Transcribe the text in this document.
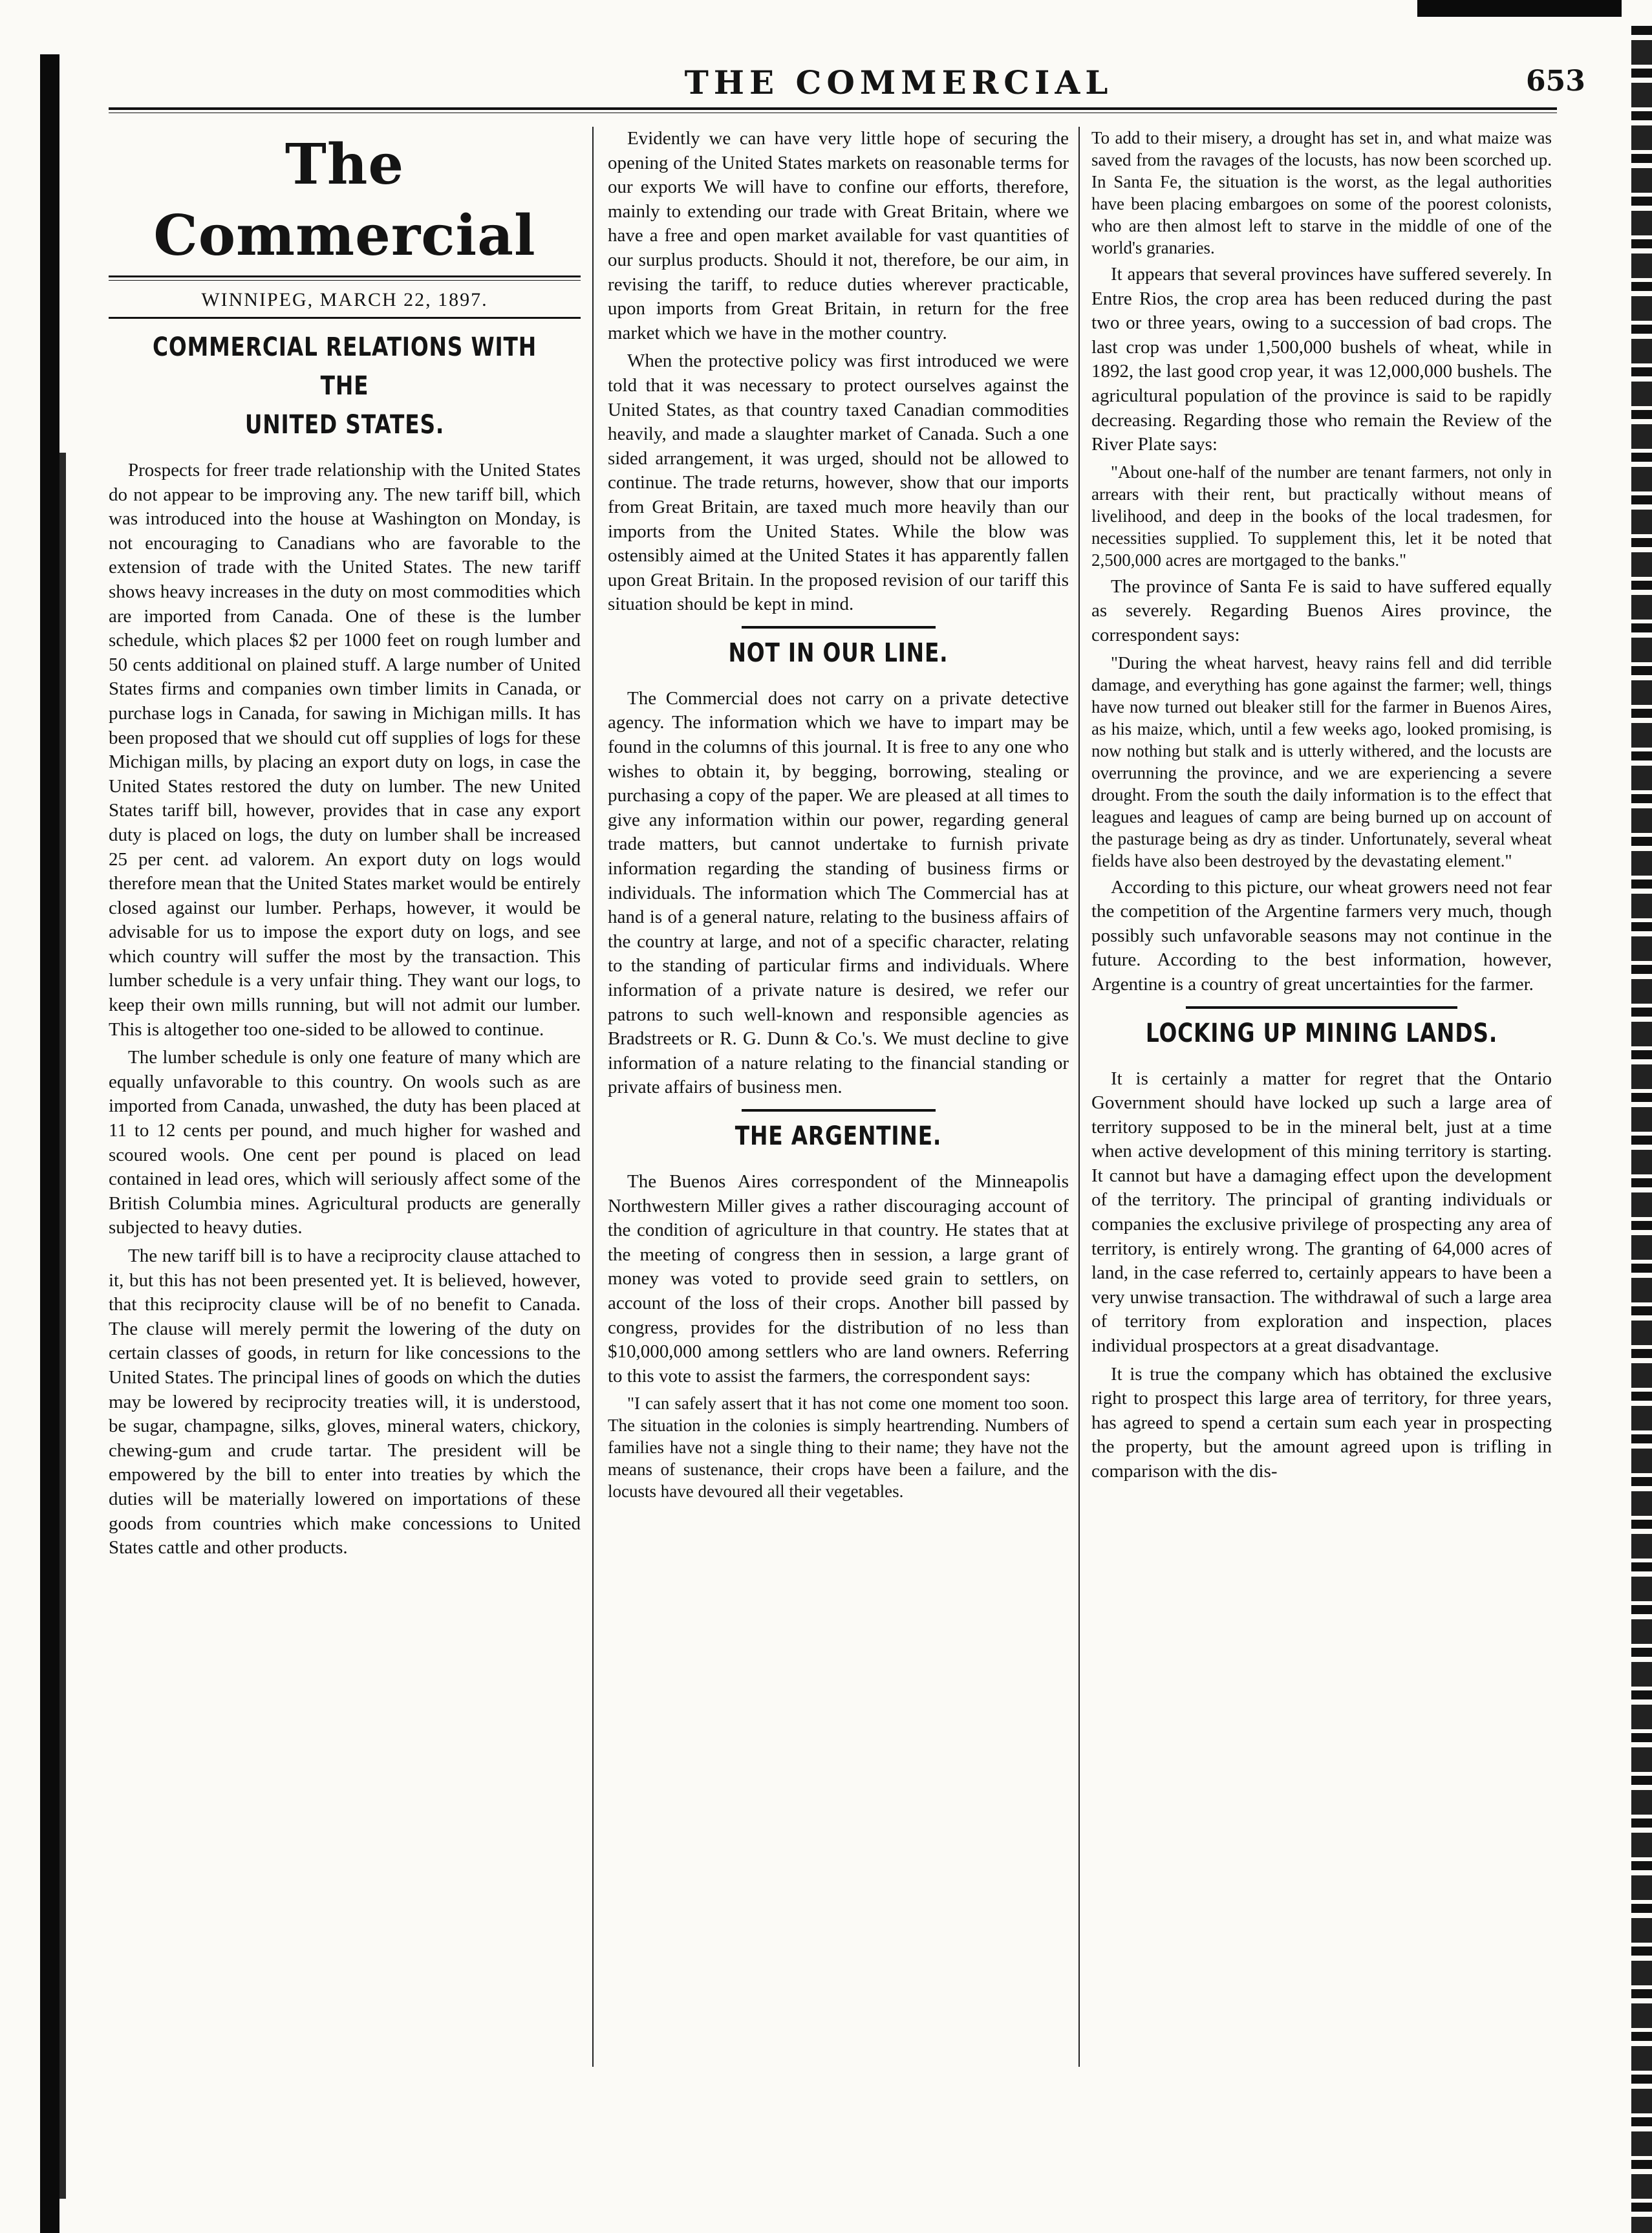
THE COMMERCIAL	653
The Commercial
WINNIPEG, MARCH 22, 1897.
COMMERCIAL RELATIONS WITH THE
UNITED STATES.

Prospects for freer trade relationship with the United States do not appear to be improving any. The new tariff bill, which was introduced into the house at Washington on Monday, is not encouraging to Canadians who are favorable to the extension of trade with the United States. The new tariff shows heavy increases in the duty on most commodities which are imported from Canada. One of these is the lumber schedule, which places $2 per 1000 feet on rough lumber and 50 cents additional on plained stuff. A large number of United States firms and companies own timber limits in Canada, or purchase logs in Canada, for sawing in Michigan mills. It has been proposed that we should cut off supplies of logs for these Michigan mills, by placing an export duty on logs, in case the United States restored the duty on lumber. The new United States tariff bill, however, provides that in case any export duty is placed on logs, the duty on lumber shall be increased 25 per cent. ad valorem. An export duty on logs would therefore mean that the United States market would be entirely closed against our lumber. Perhaps, however, it would be advisable for us to impose the export duty on logs, and see which country will suffer the most by the transaction. This lumber schedule is a very unfair thing. They want our logs, to keep their own mills running, but will not admit our lumber. This is altogether too one-sided to be allowed to continue.

The lumber schedule is only one feature of many which are equally unfavorable to this country. On wools such as are imported from Canada, unwashed, the duty has been placed at 11 to 12 cents per pound, and much higher for washed and scoured wools. One cent per pound is placed on lead contained in lead ores, which will seriously affect some of the British Columbia mines. Agricultural products are generally subjected to heavy duties.

The new tariff bill is to have a reciprocity clause attached to it, but this has not been presented yet. It is believed, however, that this reciprocity clause will be of no benefit to Canada. The clause will merely permit the lowering of the duty on certain classes of goods, in return for like concessions to the United States. The principal lines of goods on which the duties may be lowered by reciprocity treaties will, it is understood, be sugar, champagne, silks, gloves, mineral waters, chickory, chewing-gum and crude tartar. The president will be empowered by the bill to enter into treaties by which the duties will be materially lowered on importations of these goods from countries which make concessions to United States cattle and other products.

Evidently we can have very little hope of securing the opening of the United States markets on reasonable terms for our exports We will have to confine our efforts, therefore, mainly to extending our trade with Great Britain, where we have a free and open market available for vast quantities of our surplus products. Should it not, therefore, be our aim, in revising the tariff, to reduce duties wherever practicable, upon imports from Great Britain, in return for the free market which we have in the mother country.

When the protective policy was first introduced we were told that it was necessary to protect ourselves against the United States, as that country taxed Canadian commodities heavily, and made a slaughter market of Canada. Such a one sided arrangement, it was urged, should not be allowed to continue. The trade returns, however, show that our imports from Great Britain, are taxed much more heavily than our imports from the United States. While the blow was ostensibly aimed at the United States it has apparently fallen upon Great Britain. In the proposed revision of our tariff this situation should be kept in mind.

NOT IN OUR LINE.

The Commercial does not carry on a private detective agency. The information which we have to impart may be found in the columns of this journal. It is free to any one who wishes to obtain it, by begging, borrowing, stealing or purchasing a copy of the paper. We are pleased at all times to give any information within our power, regarding general trade matters, but cannot undertake to furnish private information regarding the standing of business firms or individuals. The information which The Commercial has at hand is of a general nature, relating to the business affairs of the country at large, and not of a specific character, relating to the standing of particular firms and individuals. Where information of a private nature is desired, we refer our patrons to such well-known and responsible agencies as Bradstreets or R. G. Dunn & Co.'s. We must decline to give information of a nature relating to the financial standing or private affairs of business men.

THE ARGENTINE.

The Buenos Aires correspondent of the Minneapolis Northwestern Miller gives a rather discouraging account of the condition of agriculture in that country. He states that at the meeting of congress then in session, a large grant of money was voted to provide seed grain to settlers, on account of the loss of their crops. Another bill passed by congress, provides for the distribution of no less than $10,000,000 among settlers who are land owners. Referring to this vote to assist the farmers, the correspondent says:

"I can safely assert that it has not come one moment too soon. The situation in the colonies is simply heartrending. Numbers of families have not a single thing to their name; they have not the means of sustenance, their crops have been a failure, and the locusts have devoured all their vegetables.

To add to their misery, a drought has set in, and what maize was saved from the ravages of the locusts, has now been scorched up. In Santa Fe, the situation is the worst, as the legal authorities have been placing embargoes on some of the poorest colonists, who are then almost left to starve in the middle of one of the world's granaries.

It appears that several provinces have suffered severely. In Entre Rios, the crop area has been reduced during the past two or three years, owing to a succession of bad crops. The last crop was under 1,500,000 bushels of wheat, while in 1892, the last good crop year, it was 12,000,000 bushels. The agricultural population of the province is said to be rapidly decreasing. Regarding those who remain the Review of the River Plate says:

"About one-half of the number are tenant farmers, not only in arrears with their rent, but practically without means of livelihood, and deep in the books of the local tradesmen, for necessities supplied. To supplement this, let it be noted that 2,500,000 acres are mortgaged to the banks."

The province of Santa Fe is said to have suffered equally as severely. Regarding Buenos Aires province, the correspondent says:

"During the wheat harvest, heavy rains fell and did terrible damage, and everything has gone against the farmer; well, things have now turned out bleaker still for the farmer in Buenos Aires, as his maize, which, until a few weeks ago, looked promising, is now nothing but stalk and is utterly withered, and the locusts are overrunning the province, and we are experiencing a severe drought. From the south the daily information is to the effect that leagues and leagues of camp are being burned up on account of the pasturage being as dry as tinder. Unfortunately, several wheat fields have also been destroyed by the devastating element."

According to this picture, our wheat growers need not fear the competition of the Argentine farmers very much, though possibly such unfavorable seasons may not continue in the future. According to the best information, however, Argentine is a country of great uncertainties for the farmer.

LOCKING UP MINING LANDS.

It is certainly a matter for regret that the Ontario Government should have locked up such a large area of territory supposed to be in the mineral belt, just at a time when active development of this mining territory is starting. It cannot but have a damaging effect upon the development of the territory. The principal of granting individuals or companies the exclusive privilege of prospecting any area of territory, is entirely wrong. The granting of 64,000 acres of land, in the case referred to, certainly appears to have been a very unwise transaction. The withdrawal of such a large area of territory from exploration and inspection, places individual prospectors at a great disadvantage.

It is true the company which has obtained the exclusive right to prospect this large area of territory, for three years, has agreed to spend a certain sum each year in prospecting the property, but the amount agreed upon is trifling in comparison with the dis-
